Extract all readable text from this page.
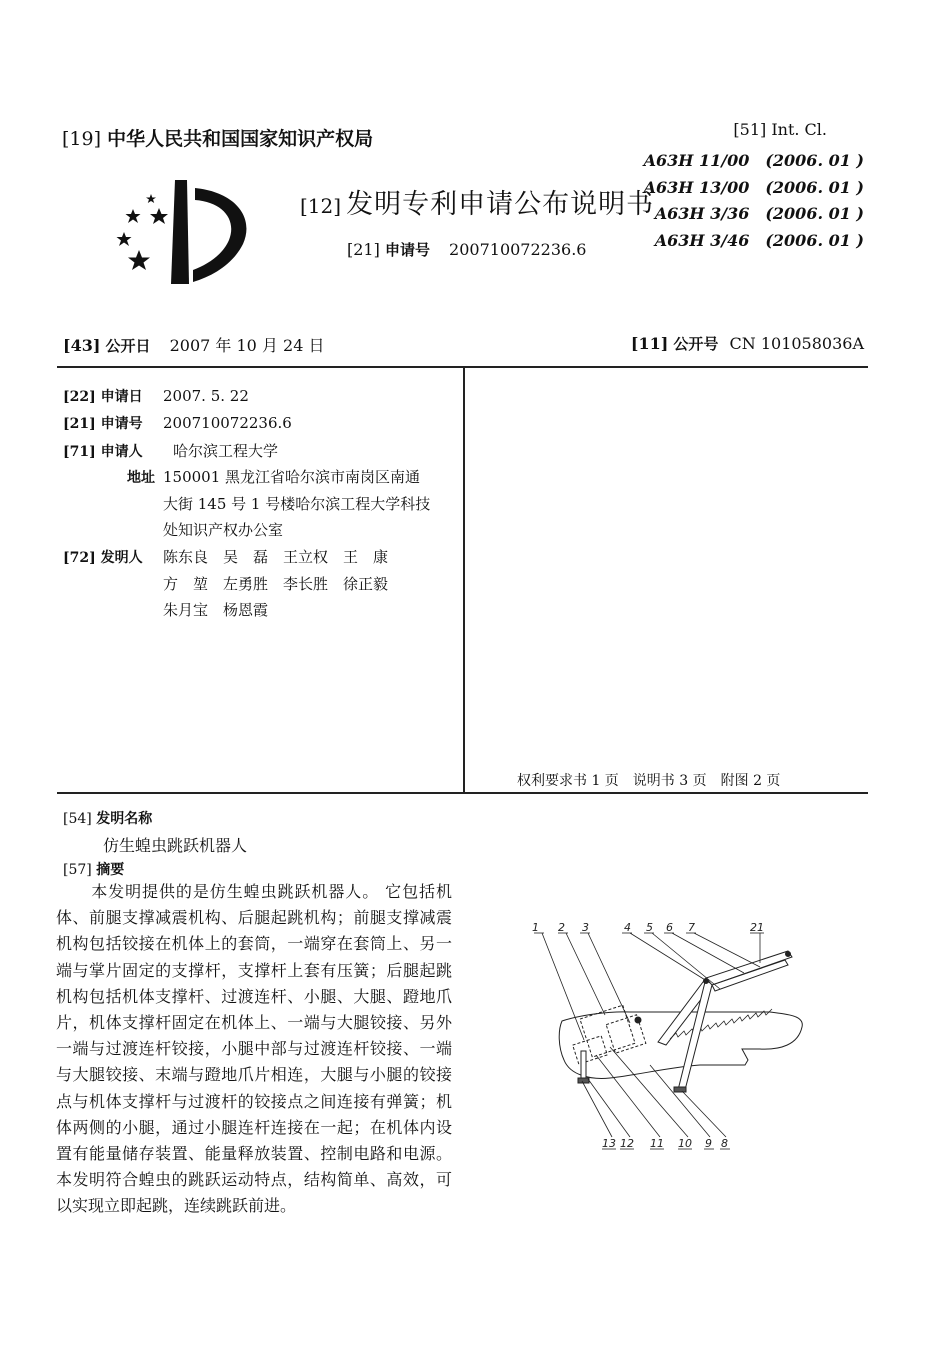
[19] 中华人民共和国国家知识产权局
[12] 发明专利申请公布说明书
[21] 申请号 200710072236.6
[51] Int. Cl.
A63H 11/00　(2006. 01 )
A63H 13/00　(2006. 01 )
A63H 3/36　(2006. 01 )
A63H 3/46　(2006. 01 )
[43] 公开日 2007 年 10 月 24 日	[11] 公开号 CN 101058036A
[22] 申请日 2007. 5. 22
[21] 申请号 200710072236.6
[71] 申请人 哈尔滨工程大学
地址 150001 黑龙江省哈尔滨市南岗区南通
大街 145 号 1 号楼哈尔滨工程大学科技
处知识产权办公室
[72] 发明人 陈东良　吴　磊　王立权　王　康
方　堃　左勇胜　李长胜　徐正毅
朱月宝　杨恩霞
权利要求书 1 页　说明书 3 页　附图 2 页
[54] 发明名称
仿生蝗虫跳跃机器人
[57] 摘要
本发明提供的是仿生蝗虫跳跃机器人。 它包括机体、前腿支撑减震机构、后腿起跳机构；前腿支撑减震机构包括铰接在机体上的套筒，一端穿在套筒上、另一端与掌片固定的支撑杆，支撑杆上套有压簧；后腿起跳机构包括机体支撑杆、过渡连杆、小腿、大腿、蹬地爪片，机体支撑杆固定在机体上、一端与大腿铰接、另外一端与过渡连杆铰接，小腿中部与过渡连杆铰接、一端与大腿铰接、末端与蹬地爪片相连，大腿与小腿的铰接点与机体支撑杆与过渡杆的铰接点之间连接有弹簧；机体两侧的小腿，通过小腿连杆连接在一起；在机体内设置有能量储存装置、能量释放装置、控制电路和电源。本发明符合蝗虫的跳跃运动特点，结构简单、高效，可以实现立即起跳，连续跳跃前进。
1 2 3	4 5 6 7	21
13 12 11 10 9 8
